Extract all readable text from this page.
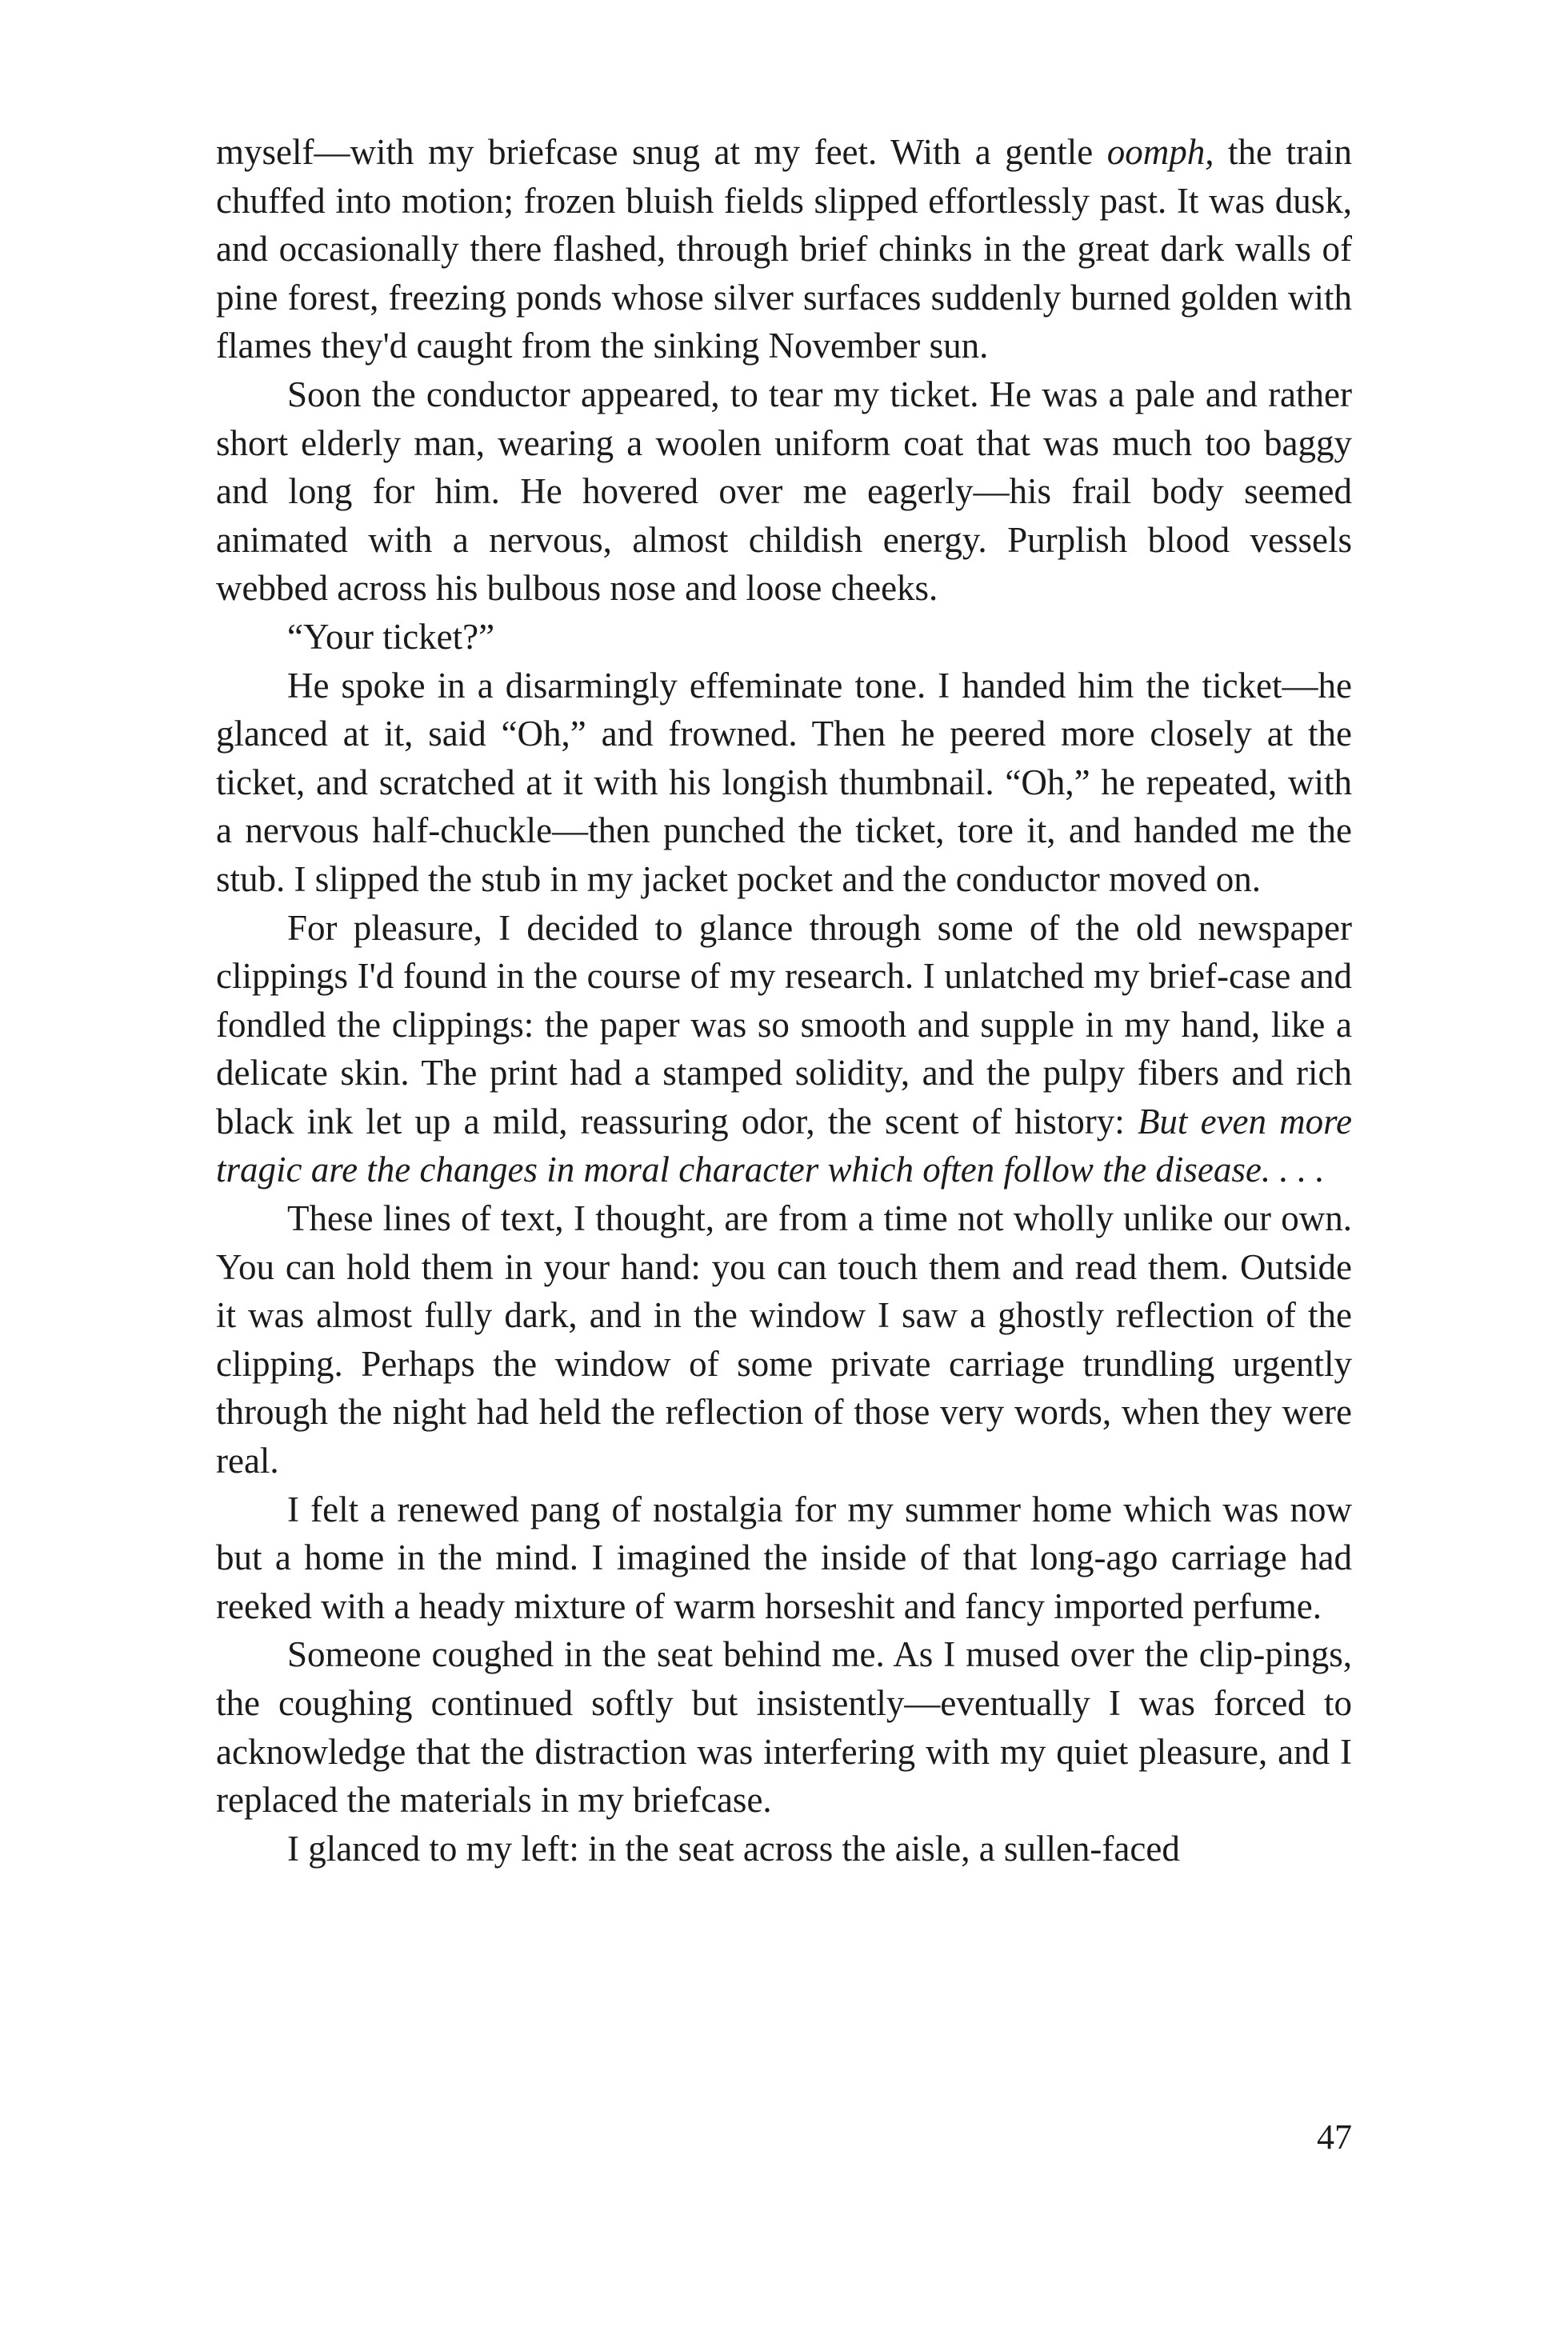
myself—with my briefcase snug at my feet. With a gentle oomph, the train chuffed into motion; frozen bluish fields slipped effortlessly past. It was dusk, and occasionally there flashed, through brief chinks in the great dark walls of pine forest, freezing ponds whose silver surfaces suddenly burned golden with flames they'd caught from the sinking November sun.

Soon the conductor appeared, to tear my ticket. He was a pale and rather short elderly man, wearing a woolen uniform coat that was much too baggy and long for him. He hovered over me eagerly—his frail body seemed animated with a nervous, almost childish energy. Purplish blood vessels webbed across his bulbous nose and loose cheeks.

“Your ticket?”

He spoke in a disarmingly effeminate tone. I handed him the ticket—he glanced at it, said “Oh,” and frowned. Then he peered more closely at the ticket, and scratched at it with his longish thumbnail. “Oh,” he repeated, with a nervous half-chuckle—then punched the ticket, tore it, and handed me the stub. I slipped the stub in my jacket pocket and the conductor moved on.

For pleasure, I decided to glance through some of the old newspaper clippings I'd found in the course of my research. I unlatched my brief-case and fondled the clippings: the paper was so smooth and supple in my hand, like a delicate skin. The print had a stamped solidity, and the pulpy fibers and rich black ink let up a mild, reassuring odor, the scent of history: But even more tragic are the changes in moral character which often follow the disease. . . .

These lines of text, I thought, are from a time not wholly unlike our own. You can hold them in your hand: you can touch them and read them. Outside it was almost fully dark, and in the window I saw a ghostly reflection of the clipping. Perhaps the window of some private carriage trundling urgently through the night had held the reflection of those very words, when they were real.

I felt a renewed pang of nostalgia for my summer home which was now but a home in the mind. I imagined the inside of that long-ago carriage had reeked with a heady mixture of warm horseshit and fancy imported perfume.

Someone coughed in the seat behind me. As I mused over the clip-pings, the coughing continued softly but insistently—eventually I was forced to acknowledge that the distraction was interfering with my quiet pleasure, and I replaced the materials in my briefcase.

I glanced to my left: in the seat across the aisle, a sullen-faced

47
